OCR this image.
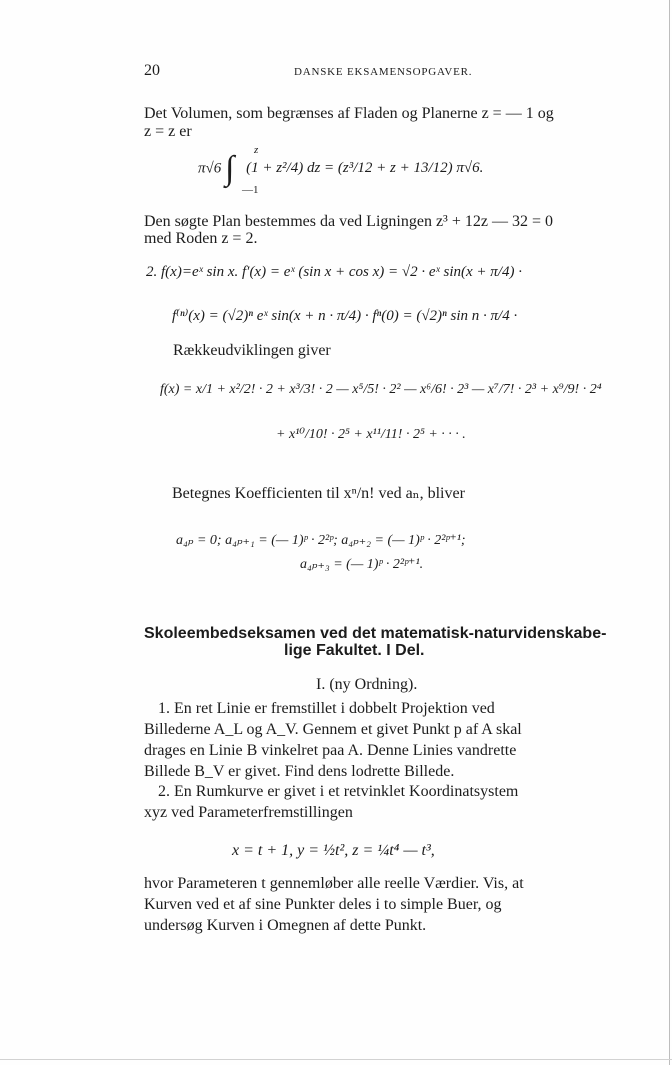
20	DANSKE EKSAMENSOPGAVER.
Det Volumen, som begrænses af Fladen og Planerne z = — 1 og
z = z er
π√6 ∫ z
—1
(1 + z²/4) dz = (z³/12 + z + 13/12) π√6.
Den søgte Plan bestemmes da ved Ligningen z³ + 12z — 32 = 0
med Roden z = 2.
2. f(x)=eˣ sin x. f′(x) = eˣ (sin x + cos x) = √2 · eˣ sin(x + π/4) ·
f⁽ⁿ⁾(x) = (√2)ⁿ eˣ sin(x + n · π/4) · fⁿ(0) = (√2)ⁿ sin n · π/4 ·
Rækkeudviklingen giver
f(x) = x/1 + x²/2! · 2 + x³/3! · 2 — x⁵/5! · 2² — x⁶/6! · 2³ — x⁷/7! · 2³ + x⁹/9! · 2⁴
+ x¹⁰/10! · 2⁵ + x¹¹/11! · 2⁵ + · · · .
Betegnes Koefficienten til xⁿ/n! ved aₙ, bliver
a₄ₚ = 0; a₄ₚ₊₁ = (— 1)ᵖ · 2²ᵖ; a₄ₚ₊₂ = (— 1)ᵖ · 2²ᵖ⁺¹;
a₄ₚ₊₃ = (— 1)ᵖ · 2²ᵖ⁺¹.
Skoleembedseksamen ved det matematisk-naturvidenskabe-
lige Fakultet. I Del.
I. (ny Ordning).
1. En ret Linie er fremstillet i dobbelt Projektion ved
Billederne A_L og A_V. Gennem et givet Punkt p af A skal
drages en Linie B vinkelret paa A. Denne Linies vandrette
Billede B_V er givet. Find dens lodrette Billede.
2. En Rumkurve er givet i et retvinklet Koordinatsystem
xyz ved Parameterfremstillingen
x = t + 1, y = ½t², z = ¼t⁴ — t³,
hvor Parameteren t gennemløber alle reelle Værdier. Vis, at
Kurven ved et af sine Punkter deles i to simple Buer, og
undersøg Kurven i Omegnen af dette Punkt.
